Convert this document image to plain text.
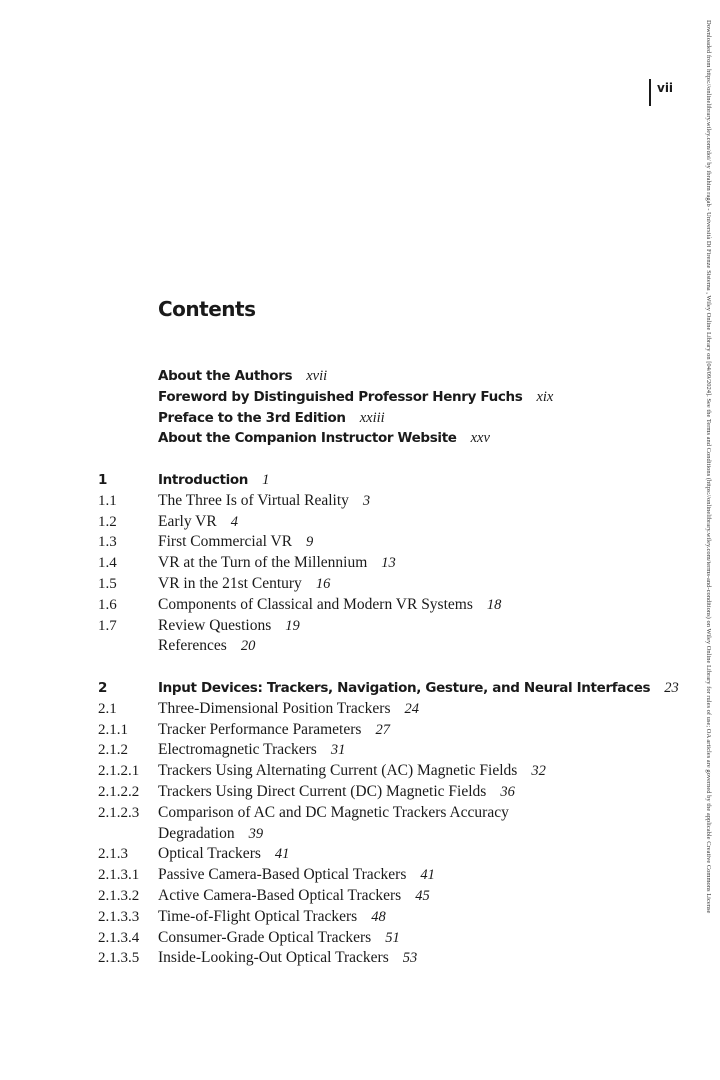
vii	Downloaded from https://onlinelibrary.wiley.com/doi/ by ibrahim ragab - Università Di Firenze Sistema , Wiley Online Library on [04/09/2024]. See the Terms and Conditions (https://onlinelibrary.wiley.com/terms-and-conditions) on Wiley Online Library for rules of use; OA articles are governed by the applicable Creative Commons License
Contents
About the Authors xvii
Foreword by Distinguished Professor Henry Fuchs xix
Preface to the 3rd Edition xxiii
About the Companion Instructor Website xxv
1	Introduction 1
1.1	The Three Is of Virtual Reality 3
1.2	Early VR 4
1.3	First Commercial VR 9
1.4	VR at the Turn of the Millennium 13
1.5	VR in the 21st Century 16
1.6	Components of Classical and Modern VR Systems 18
1.7	Review Questions 19
References 20
2	Input Devices: Trackers, Navigation, Gesture, and Neural Interfaces 23
2.1	Three-Dimensional Position Trackers 24
2.1.1 Tracker Performance Parameters 27
2.1.2 Electromagnetic Trackers 31
2.1.2.1 Trackers Using Alternating Current (AC) Magnetic Fields 32
2.1.2.2 Trackers Using Direct Current (DC) Magnetic Fields 36
2.1.2.3 Comparison of AC and DC Magnetic Trackers Accuracy
Degradation 39
2.1.3 Optical Trackers 41
2.1.3.1 Passive Camera-Based Optical Trackers 41
2.1.3.2 Active Camera-Based Optical Trackers 45
2.1.3.3 Time-of-Flight Optical Trackers 48
2.1.3.4 Consumer-Grade Optical Trackers 51
2.1.3.5 Inside-Looking-Out Optical Trackers 53
